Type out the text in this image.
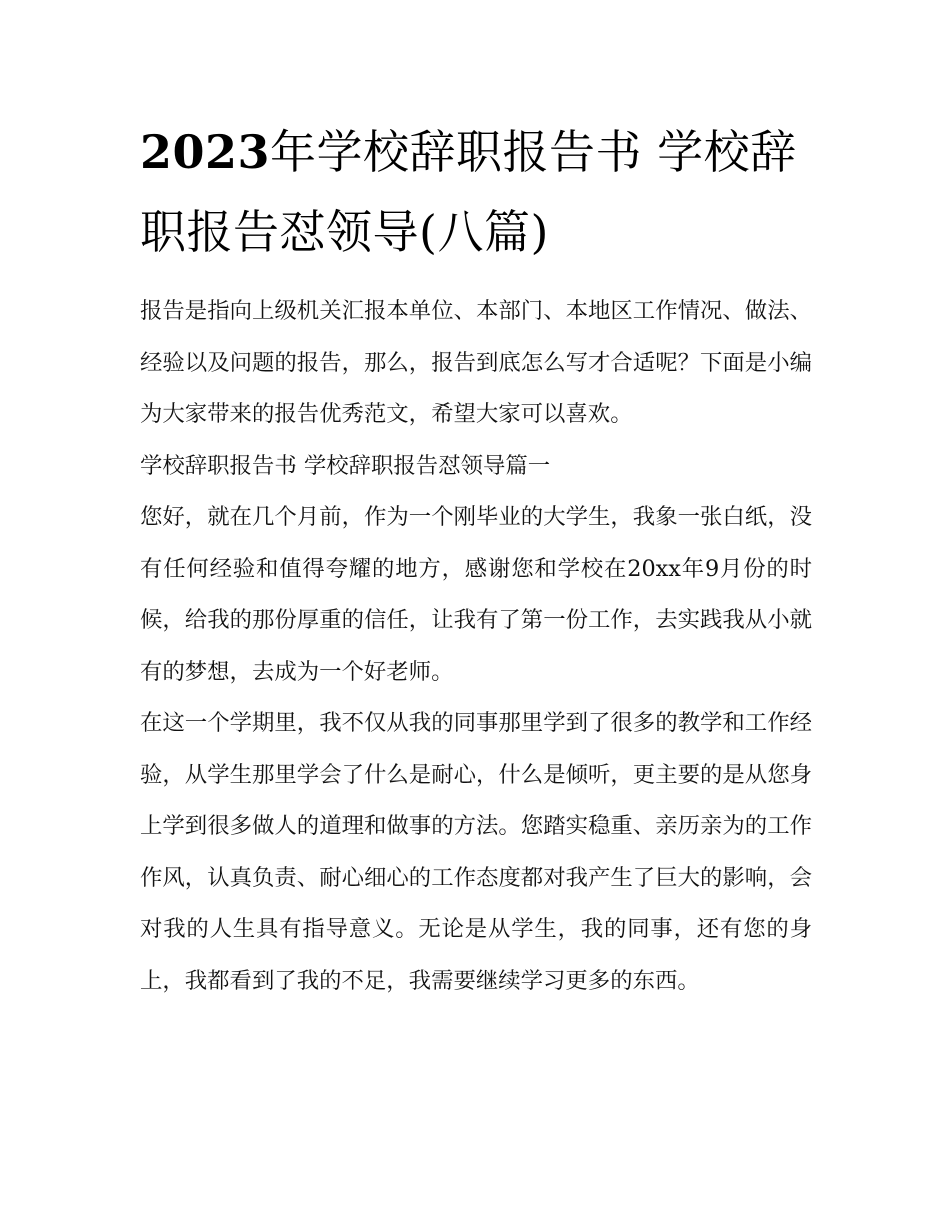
2023年学校辞职报告书 学校辞职报告怼领导(八篇)

报告是指向上级机关汇报本单位、本部门、本地区工作情况、做法、经验以及问题的报告，那么，报告到底怎么写才合适呢？下面是小编为大家带来的报告优秀范文，希望大家可以喜欢。

学校辞职报告书 学校辞职报告怼领导篇一

您好，就在几个月前，作为一个刚毕业的大学生，我象一张白纸，没有任何经验和值得夸耀的地方，感谢您和学校在20xx年9月份的时候，给我的那份厚重的信任，让我有了第一份工作，去实践我从小就有的梦想，去成为一个好老师。

在这一个学期里，我不仅从我的同事那里学到了很多的教学和工作经验，从学生那里学会了什么是耐心，什么是倾听，更主要的是从您身上学到很多做人的道理和做事的方法。您踏实稳重、亲历亲为的工作作风，认真负责、耐心细心的工作态度都对我产生了巨大的影响，会对我的人生具有指导意义。无论是从学生，我的同事，还有您的身上，我都看到了我的不足，我需要继续学习更多的东西。
